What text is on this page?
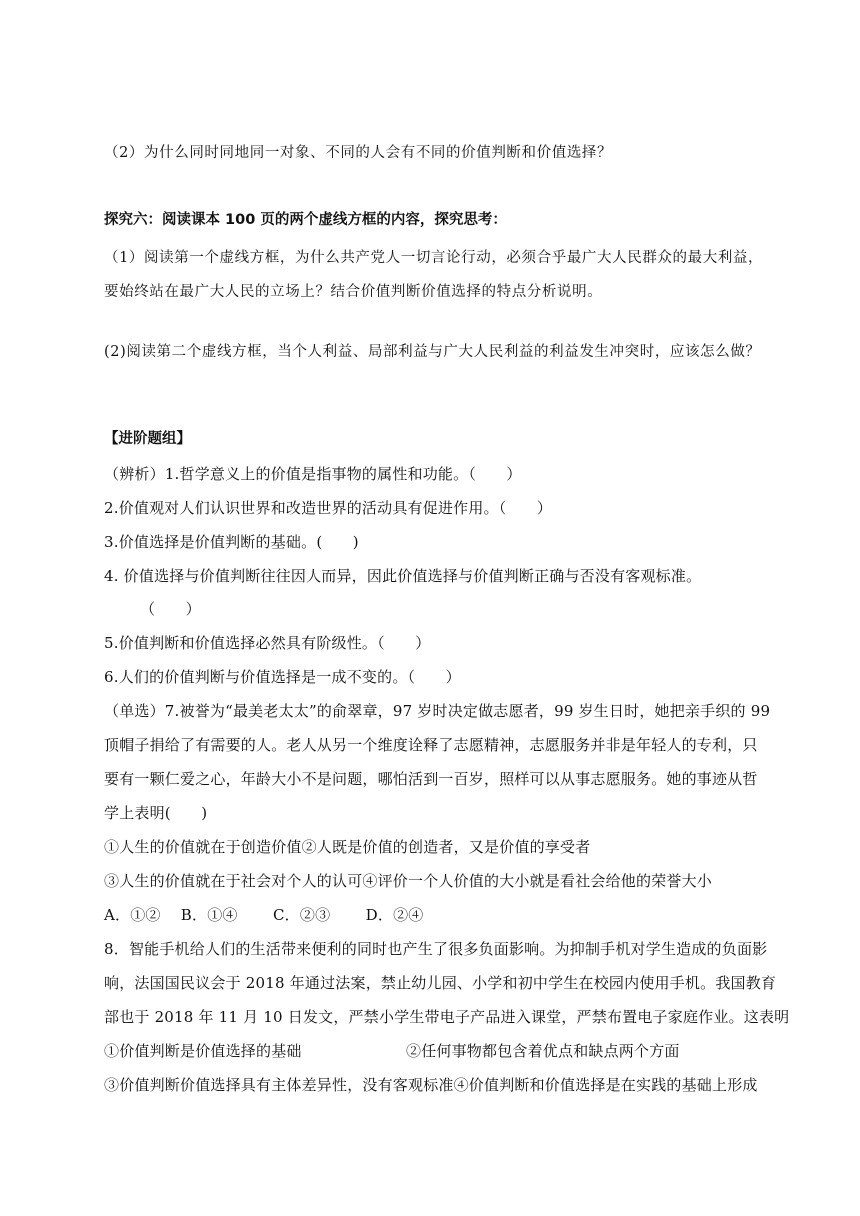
（2）为什么同时同地同一对象、不同的人会有不同的价值判断和价值选择？
探究六：阅读课本 100 页的两个虚线方框的内容，探究思考：
（1）阅读第一个虚线方框，为什么共产党人一切言论行动，必须合乎最广大人民群众的最大利益，
要始终站在最广大人民的立场上？结合价值判断价值选择的特点分析说明。
(2)阅读第二个虚线方框，当个人利益、局部利益与广大人民利益的利益发生冲突时，应该怎么做？
【进阶题组】
（辨析）1.哲学意义上的价值是指事物的属性和功能。（　　）
2.价值观对人们认识世界和改造世界的活动具有促进作用。（　　）
3.价值选择是价值判断的基础。(　　)
4. 价值选择与价值判断往往因人而异，因此价值选择与价值判断正确与否没有客观标准。
（　　）
5.价值判断和价值选择必然具有阶级性。（　　）
6.人们的价值判断与价值选择是一成不变的。（　　）
（单选）7.被誉为“最美老太太”的俞翠章，97 岁时决定做志愿者，99 岁生日时，她把亲手织的 99
顶帽子捐给了有需要的人。老人从另一个维度诠释了志愿精神，志愿服务并非是年轻人的专利，只
要有一颗仁爱之心，年龄大小不是问题，哪怕活到一百岁，照样可以从事志愿服务。她的事迹从哲
学上表明(　　)
①人生的价值就在于创造价值②人既是价值的创造者，又是价值的享受者
③人生的价值就在于社会对个人的认可④评价一个人价值的大小就是看社会给他的荣誉大小
A．①②　 B．①④　　 C．②③　　 D．②④
8．智能手机给人们的生活带来便利的同时也产生了很多负面影响。为抑制手机对学生造成的负面影
响，法国国民议会于 2018 年通过法案，禁止幼儿园、小学和初中学生在校园内使用手机。我国教育
部也于 2018 年 11 月 10 日发文，严禁小学生带电子产品进入课堂，严禁布置电子家庭作业。这表明
①价值判断是价值选择的基础	②任何事物都包含着优点和缺点两个方面
③价值判断价值选择具有主体差异性，没有客观标准④价值判断和价值选择是在实践的基础上形成
